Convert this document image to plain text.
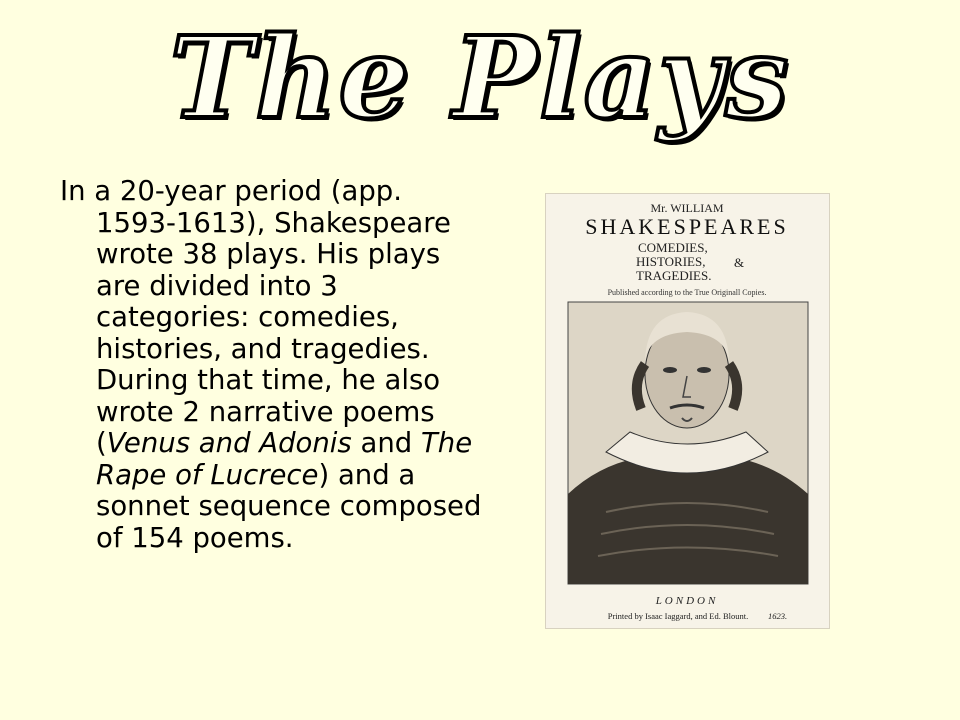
The Plays
In a 20-year period (app. 1593-1613), Shakespeare wrote 38 plays. His plays are divided into 3 categories: comedies, histories, and tragedies. During that time, he also wrote 2 narrative poems (Venus and Adonis and The Rape of Lucrece) and a sonnet sequence composed of 154 poems.
Mr. WILLIAM
SHAKESPEARES
COMEDIES,
HISTORIES, &
TRAGEDIES.
Published according to the True Originall Copies.
LONDON
Printed by Isaac Iaggard, and Ed. Blount. 1623.
